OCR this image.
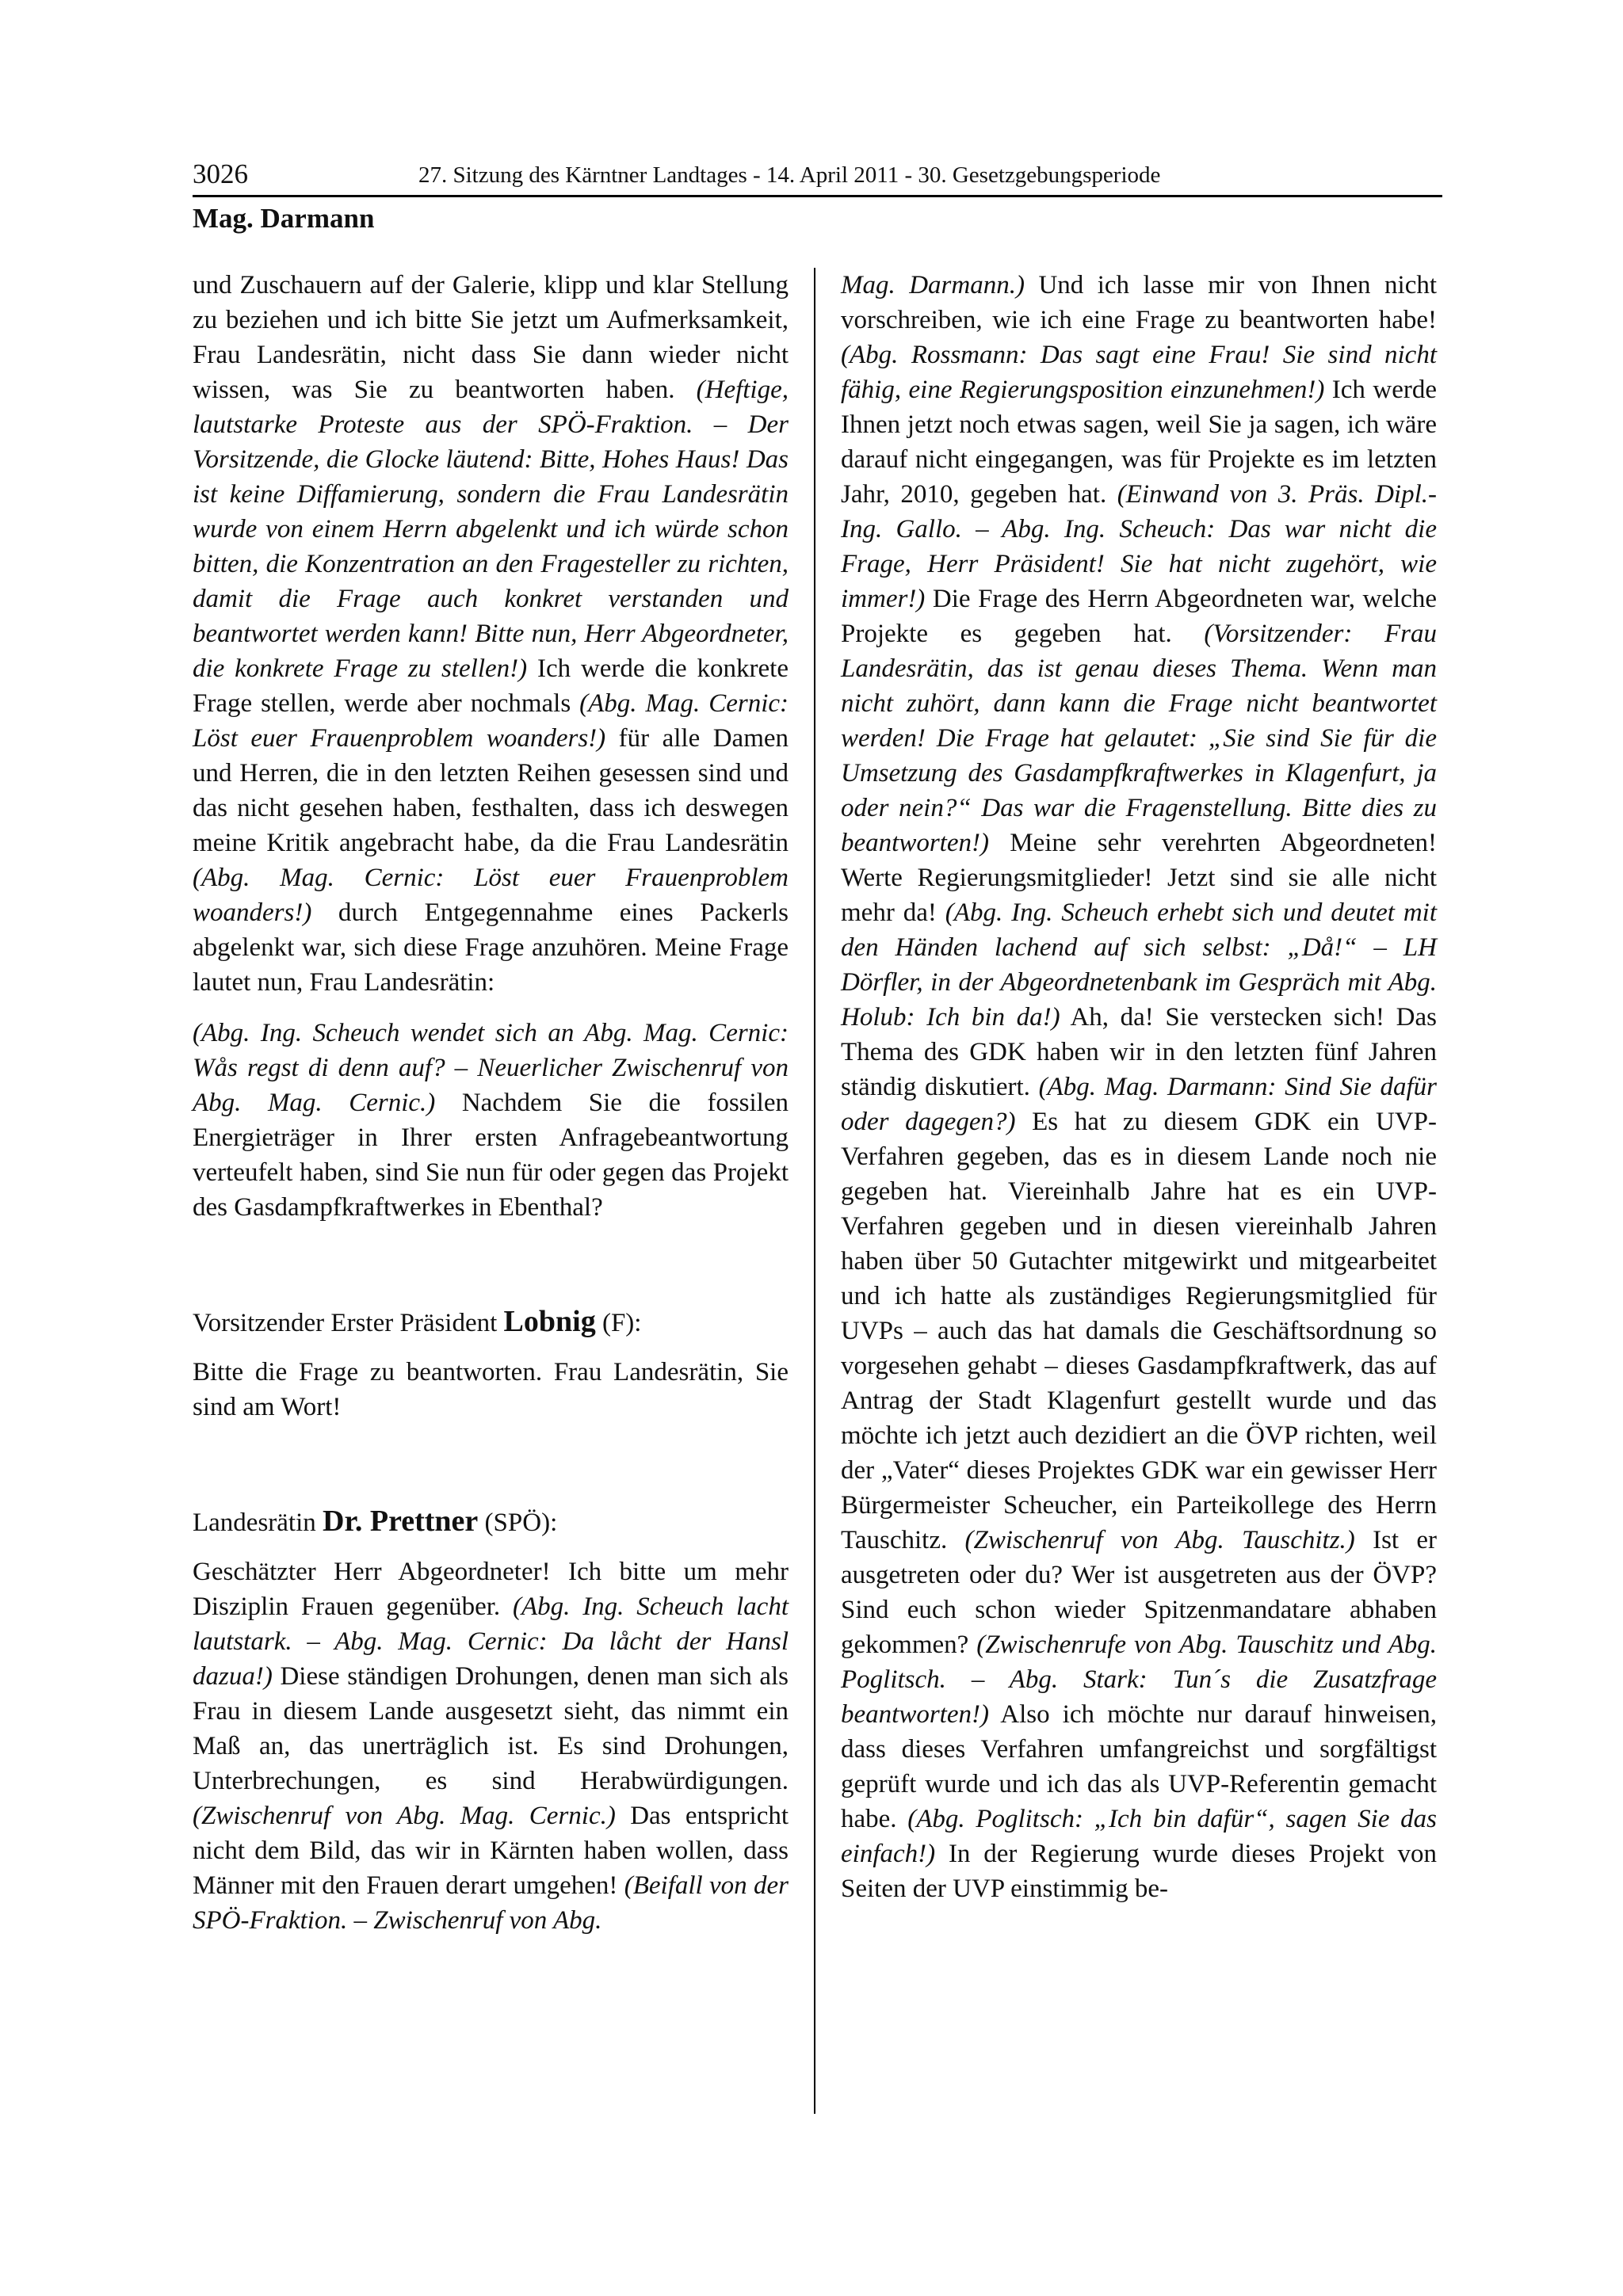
3026	27. Sitzung des Kärntner Landtages - 14. April 2011 - 30. Gesetzgebungsperiode
Mag. Darmann

und Zuschauern auf der Galerie, klipp und klar Stellung zu beziehen und ich bitte Sie jetzt um Aufmerksamkeit, Frau Landesrätin, nicht dass Sie dann wieder nicht wissen, was Sie zu beantworten haben. (Heftige, lautstarke Proteste aus der SPÖ-Fraktion. – Der Vorsitzende, die Glocke läutend: Bitte, Hohes Haus! Das ist keine Diffamierung, sondern die Frau Landesrätin wurde von einem Herrn abgelenkt und ich würde schon bitten, die Konzentration an den Fragesteller zu richten, damit die Frage auch konkret verstanden und beantwortet werden kann! Bitte nun, Herr Abgeordneter, die konkrete Frage zu stellen!) Ich werde die konkrete Frage stellen, werde aber nochmals (Abg. Mag. Cernic: Löst euer Frauenproblem woanders!) für alle Damen und Herren, die in den letzten Reihen gesessen sind und das nicht gesehen haben, festhalten, dass ich deswegen meine Kritik angebracht habe, da die Frau Landesrätin (Abg. Mag. Cernic: Löst euer Frauenproblem woanders!) durch Entgegennahme eines Packerls abgelenkt war, sich diese Frage anzuhören. Meine Frage lautet nun, Frau Landesrätin:

(Abg. Ing. Scheuch wendet sich an Abg. Mag. Cernic: Wås regst di denn auf? – Neuerlicher Zwischenruf von Abg. Mag. Cernic.) Nachdem Sie die fossilen Energieträger in Ihrer ersten Anfragebeantwortung verteufelt haben, sind Sie nun für oder gegen das Projekt des Gasdampfkraftwerkes in Ebenthal?

Vorsitzender Erster Präsident Lobnig (F):

Bitte die Frage zu beantworten. Frau Landesrätin, Sie sind am Wort!

Landesrätin Dr. Prettner (SPÖ):

Geschätzter Herr Abgeordneter! Ich bitte um mehr Disziplin Frauen gegenüber. (Abg. Ing. Scheuch lacht lautstark. – Abg. Mag. Cernic: Da låcht der Hansl dazua!) Diese ständigen Drohungen, denen man sich als Frau in diesem Lande ausgesetzt sieht, das nimmt ein Maß an, das unerträglich ist. Es sind Drohungen, Unterbrechungen, es sind Herabwürdigungen. (Zwischenruf von Abg. Mag. Cernic.) Das entspricht nicht dem Bild, das wir in Kärnten haben wollen, dass Männer mit den Frauen derart umgehen! (Beifall von der SPÖ-Fraktion. – Zwischenruf von Abg.

Mag. Darmann.) Und ich lasse mir von Ihnen nicht vorschreiben, wie ich eine Frage zu beantworten habe! (Abg. Rossmann: Das sagt eine Frau! Sie sind nicht fähig, eine Regierungsposition einzunehmen!) Ich werde Ihnen jetzt noch etwas sagen, weil Sie ja sagen, ich wäre darauf nicht eingegangen, was für Projekte es im letzten Jahr, 2010, gegeben hat. (Einwand von 3. Präs. Dipl.-Ing. Gallo. – Abg. Ing. Scheuch: Das war nicht die Frage, Herr Präsident! Sie hat nicht zugehört, wie immer!) Die Frage des Herrn Abgeordneten war, welche Projekte es gegeben hat. (Vorsitzender: Frau Landesrätin, das ist genau dieses Thema. Wenn man nicht zuhört, dann kann die Frage nicht beantwortet werden! Die Frage hat gelautet: „Sie sind Sie für die Umsetzung des Gasdampfkraftwerkes in Klagenfurt, ja oder nein?“ Das war die Fragenstellung. Bitte dies zu beantworten!) Meine sehr verehrten Abgeordneten! Werte Regierungsmitglieder! Jetzt sind sie alle nicht mehr da! (Abg. Ing. Scheuch erhebt sich und deutet mit den Händen lachend auf sich selbst: „Då!“ – LH Dörfler, in der Abgeordnetenbank im Gespräch mit Abg. Holub: Ich bin da!) Ah, da! Sie verstecken sich! Das Thema des GDK haben wir in den letzten fünf Jahren ständig diskutiert. (Abg. Mag. Darmann: Sind Sie dafür oder dagegen?) Es hat zu diesem GDK ein UVP-Verfahren gegeben, das es in diesem Lande noch nie gegeben hat. Viereinhalb Jahre hat es ein UVP-Verfahren gegeben und in diesen viereinhalb Jahren haben über 50 Gutachter mitgewirkt und mitgearbeitet und ich hatte als zuständiges Regierungsmitglied für UVPs – auch das hat damals die Geschäftsordnung so vorgesehen gehabt – dieses Gasdampfkraftwerk, das auf Antrag der Stadt Klagenfurt gestellt wurde und das möchte ich jetzt auch dezidiert an die ÖVP richten, weil der „Vater“ dieses Projektes GDK war ein gewisser Herr Bürgermeister Scheucher, ein Parteikollege des Herrn Tauschitz. (Zwischenruf von Abg. Tauschitz.) Ist er ausgetreten oder du? Wer ist ausgetreten aus der ÖVP? Sind euch schon wieder Spitzenmandatare abhaben gekommen? (Zwischenrufe von Abg. Tauschitz und Abg. Poglitsch. – Abg. Stark: Tun´s die Zusatzfrage beantworten!) Also ich möchte nur darauf hinweisen, dass dieses Verfahren umfangreichst und sorgfältigst geprüft wurde und ich das als UVP-Referentin gemacht habe. (Abg. Poglitsch: „Ich bin dafür“, sagen Sie das einfach!) In der Regierung wurde dieses Projekt von Seiten der UVP einstimmig be-
